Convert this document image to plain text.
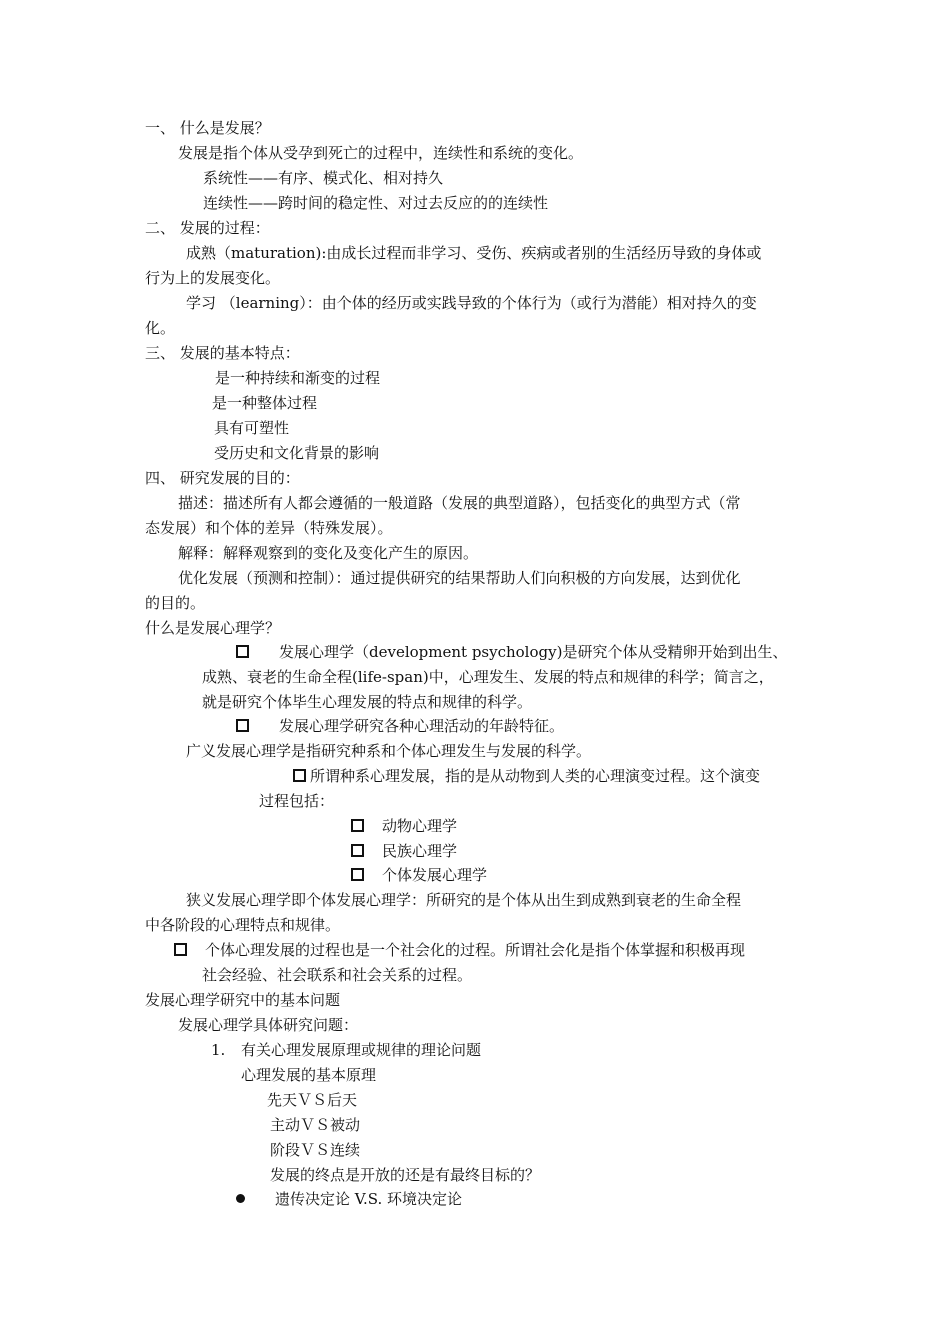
一、 什么是发展？
发展是指个体从受孕到死亡的过程中，连续性和系统的变化。
系统性——有序、模式化、相对持久
连续性——跨时间的稳定性、对过去反应的的连续性
二、 发展的过程：
成熟（maturation):由成长过程而非学习、受伤、疾病或者别的生活经历导致的身体或
行为上的发展变化。
学习 （learning）：由个体的经历或实践导致的个体行为（或行为潜能）相对持久的变
化。
三、 发展的基本特点：
是一种持续和渐变的过程
是一种整体过程
具有可塑性
受历史和文化背景的影响
四、 研究发展的目的：
描述：描述所有人都会遵循的一般道路（发展的典型道路），包括变化的典型方式（常
态发展）和个体的差异（特殊发展）。
解释：解释观察到的变化及变化产生的原因。
优化发展（预测和控制）：通过提供研究的结果帮助人们向积极的方向发展，达到优化
的目的。
什么是发展心理学？
发展心理学（development psychology)是研究个体从受精卵开始到出生、
成熟、衰老的生命全程(life-span)中，心理发生、发展的特点和规律的科学；简言之，
就是研究个体毕生心理发展的特点和规律的科学。
发展心理学研究各种心理活动的年龄特征。
广义发展心理学是指研究种系和个体心理发生与发展的科学。
所谓种系心理发展，指的是从动物到人类的心理演变过程。这个演变
过程包括：
动物心理学
民族心理学
个体发展心理学
狭义发展心理学即个体发展心理学：所研究的是个体从出生到成熟到衰老的生命全程
中各阶段的心理特点和规律。
个体心理发展的过程也是一个社会化的过程。所谓社会化是指个体掌握和积极再现
社会经验、社会联系和社会关系的过程。
发展心理学研究中的基本问题
发展心理学具体研究问题：
1. 有关心理发展原理或规律的理论问题
心理发展的基本原理
先天ＶＳ后天
主动ＶＳ被动
阶段ＶＳ连续
发展的终点是开放的还是有最终目标的？
遗传决定论 V.S. 环境决定论
